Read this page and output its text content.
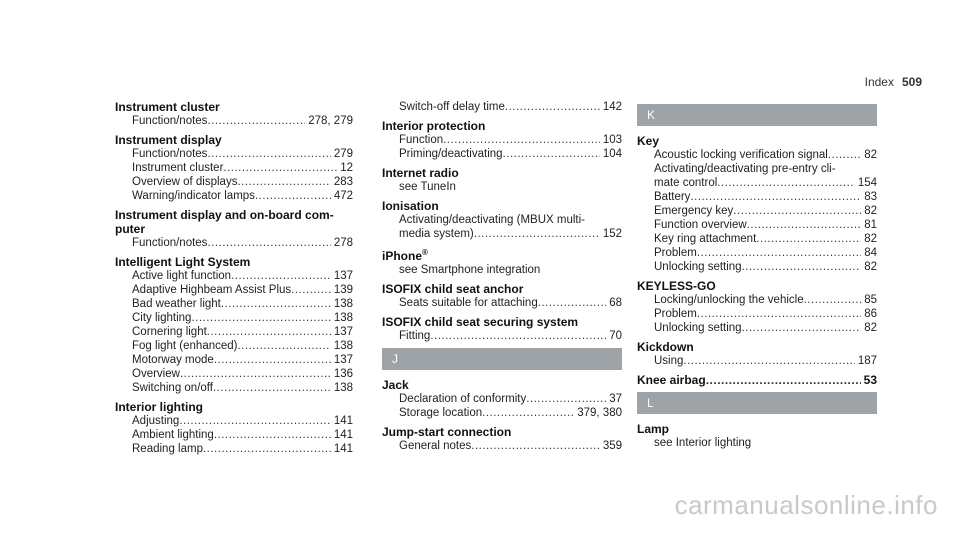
Index 509
Instrument cluster
Function/notes .....	278, 279
Instrument display
Function/notes .....	279
Instrument cluster .....	12
Overview of displays .....	283
Warning/indicator lamps .....	472
Instrument display and on-board com-
puter
Function/notes .....	278
Intelligent Light System
Active light function .....	137
Adaptive Highbeam Assist Plus .....	139
Bad weather light .....	138
City lighting .....	138
Cornering light .....	137
Fog light (enhanced) .....	138
Motorway mode .....	137
Overview .....	136
Switching on/off .....	138
Interior lighting
Adjusting .....	141
Ambient lighting .....	141
Reading lamp .....	141
Switch-off delay time .....	142
Interior protection
Function .....	103
Priming/deactivating .....	104
Internet radio
see TuneIn
Ionisation
Activating/deactivating (MBUX multi-
media system) .....	152
iPhone®
see Smartphone integration
ISOFIX child seat anchor
Seats suitable for attaching .....	68
ISOFIX child seat securing system
Fitting .....	70
J
Jack
Declaration of conformity .....	37
Storage location .....	379, 380
Jump-start connection
General notes .....	359
K
Key
Acoustic locking verification signal .....	82
Activating/deactivating pre-entry cli-
mate control .....	154
Battery .....	83
Emergency key .....	82
Function overview .....	81
Key ring attachment .....	82
Problem .....	84
Unlocking setting .....	82
KEYLESS-GO
Locking/unlocking the vehicle .....	85
Problem .....	86
Unlocking setting .....	82
Kickdown
Using .....	187
Knee airbag .....	53
L
Lamp
see Interior lighting
carmanualsonline.info
